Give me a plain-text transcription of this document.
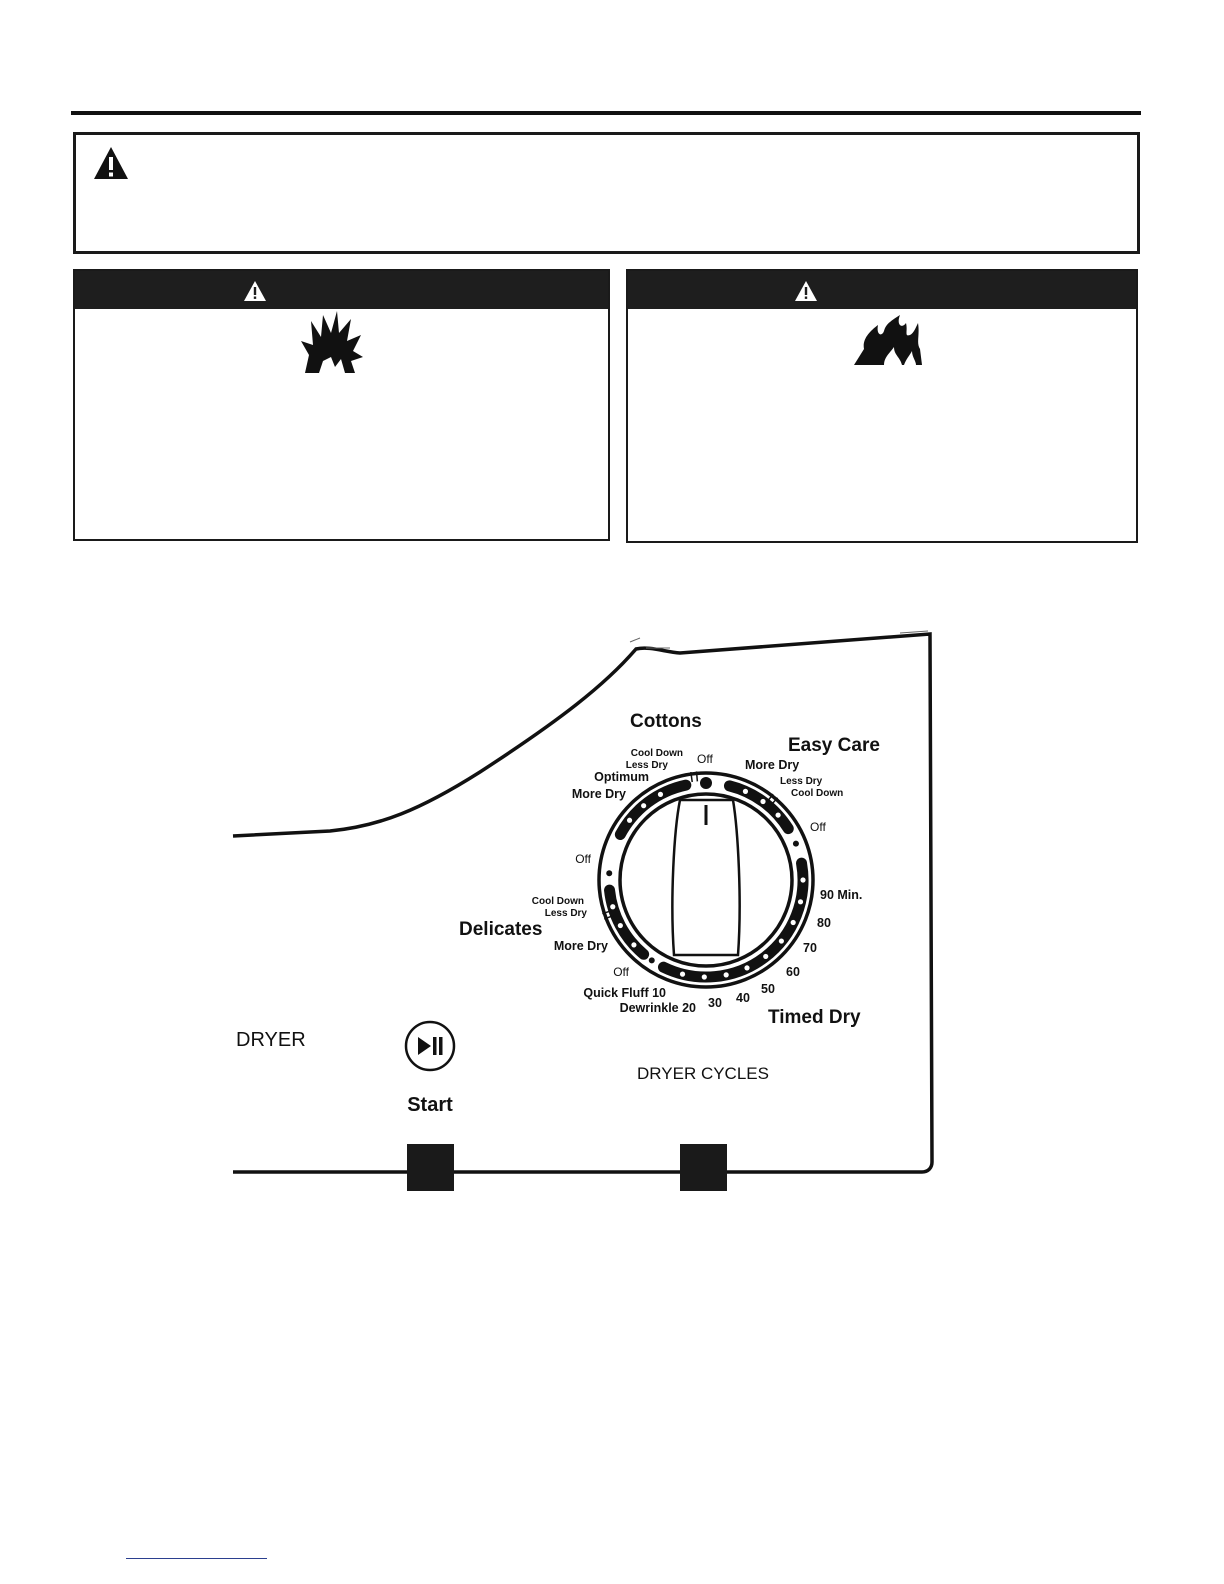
Cottons
Easy Care
Delicates
Timed Dry
Cool Down
Less Dry
Optimum
More Dry
Off	More Dry
Less Dry
Cool Down
Off
Off
Cool Down
Less Dry
More Dry
Off
Quick Fluff 10
Dewrinkle 20 30 40
50
60
70
80
90 Min.
DRYER
Start
DRYER CYCLES
